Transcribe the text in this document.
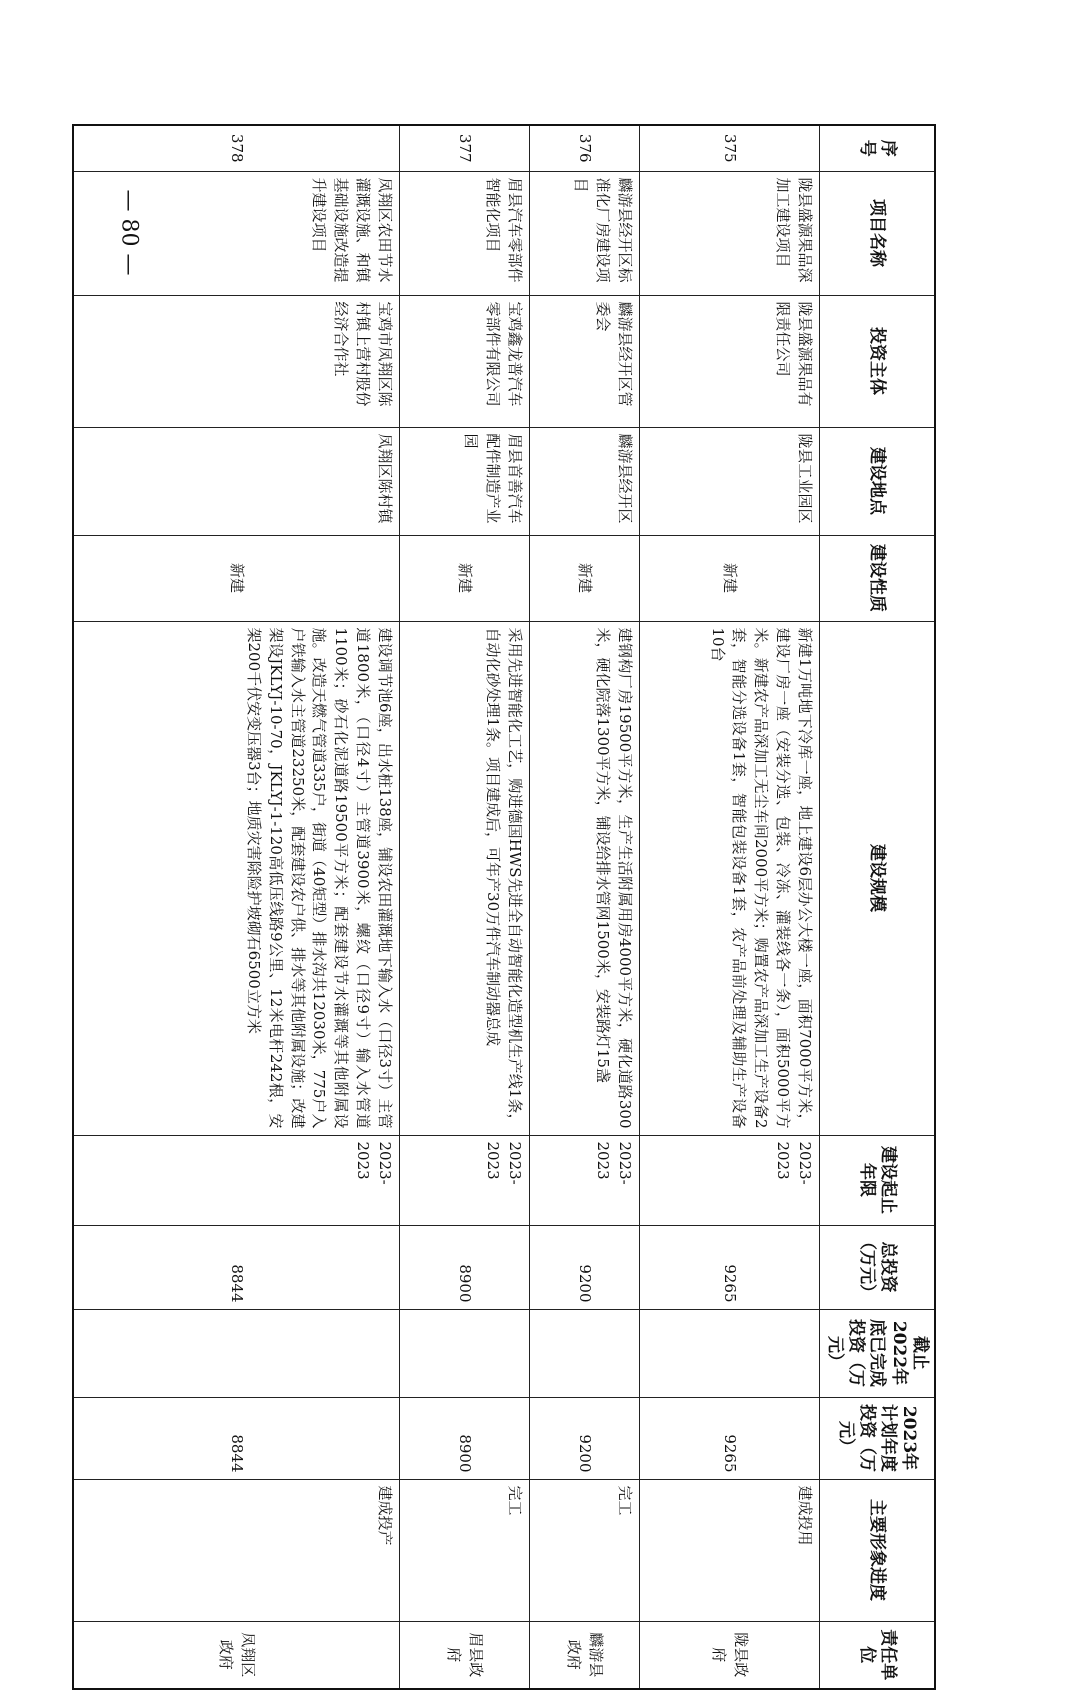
— 80 —
序号	项目名称	投资主体	建设地点	建设性质	建设规模	建设起止年限	总投资（万元）	截止2022年底已完成投资（万元）	2023年计划年度投资（万元）	主要形象进度	责任单位
375	陇县盛源果品深加工建设项目	陇县盛源果品有限责任公司	陇县工业园区	新建	新建1万吨地下冷库一座，地上建设6层办公大楼一座，面积7000平方米，建设厂房一座（安装分选、包装、冷冻、灌装线各一条），面积5000平方米。新建农产品深加工无尘车间2000平方米；购置农产品深加工生产设备2套，智能分选设备1套，智能包装设备1套，农产品前处理及辅助生产设备10台	2023-2023	9265		9265	建成投用	陇县政府
376	麟游县经开区标准化厂房建设项目	麟游县经开区管委会	麟游县经开区	新建	建钢构厂房19500平方米，生产生活附属用房4000平方米，硬化道路300米，硬化院落1300平方米，铺设给排水管网1500米，安装路灯15盏	2023-2023	9200		9200	完工	麟游县政府
377	眉县汽车零部件智能化项目	宝鸡鑫龙普汽车零部件有限公司	眉县首善汽车配件制造产业园	新建	采用先进智能化工艺，购进德国HWS先进全自动智能化造型机生产线1条，自动化砂处理1条。项目建成后，可年产30万件汽车制动器总成	2023-2023	8900		8900	完工	眉县政府
378	凤翔区农田节水灌溉设施、和镇基础设施改造提升建设项目	宝鸡市凤翔区陈村镇上营村股份经济合作社	凤翔区陈村镇	新建	建设调节池6座，出水桩138座，铺设农田灌溉地下输入水（口径3寸）主管道1800米，（口径4寸）主管道3900米，螺纹（口径9寸）输入水管道1100米；砂石化泥道路19500平方米；配套建设节水灌溉等其他附属设施。改造天燃气管道335户，街道（40矩型）排水沟共12030米，775户入户铁输入水主管道23250米，配套建设农户供、排水等其他附属设施；改建架设JKLYJ-10-70，JKLYJ-1-120高低压线路9公里、12米电杆242根，安架200千伏安变压器3台；地质灾害除险护坡砌石6500立方米	2023-2023	8844		8844	建成投产	凤翔区政府
